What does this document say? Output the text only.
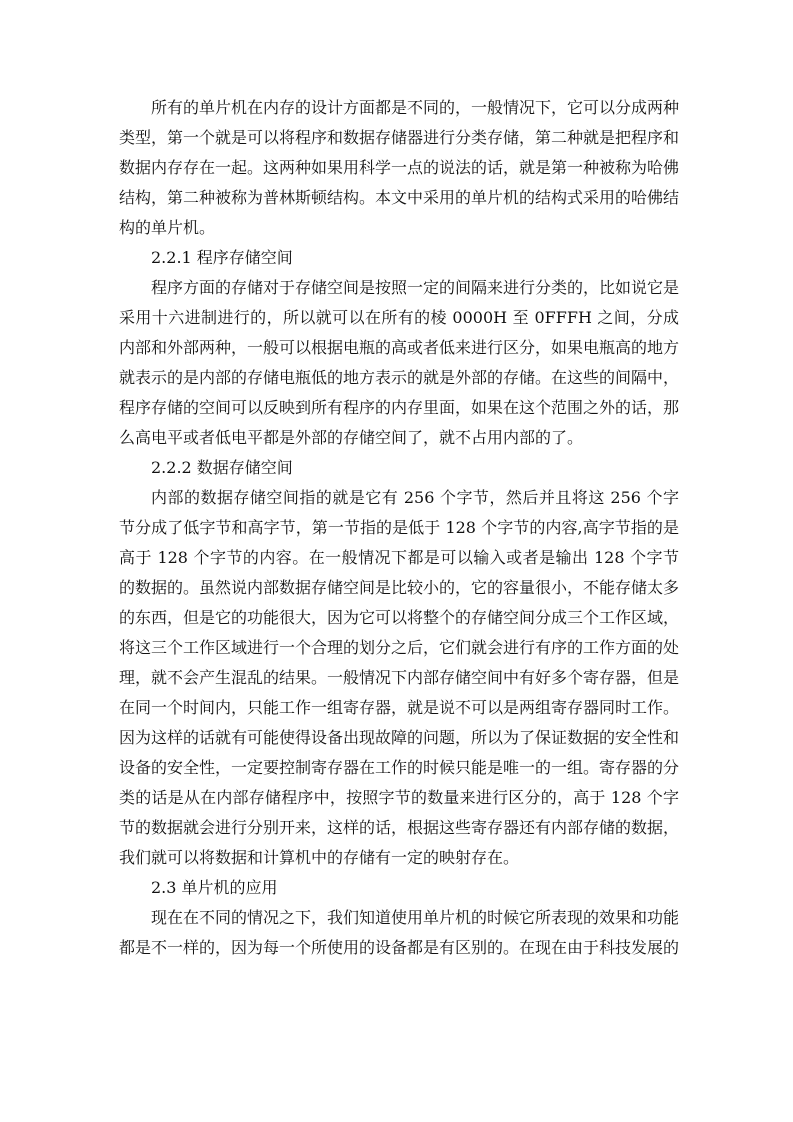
所有的单片机在内存的设计方面都是不同的，一般情况下，它可以分成两种类型，第一个就是可以将程序和数据存储器进行分类存储，第二种就是把程序和数据内存存在一起。这两种如果用科学一点的说法的话，就是第一种被称为哈佛结构，第二种被称为普林斯顿结构。本文中采用的单片机的结构式采用的哈佛结构的单片机。

2.2.1 程序存储空间

程序方面的存储对于存储空间是按照一定的间隔来进行分类的，比如说它是采用十六进制进行的，所以就可以在所有的棱 0000H 至 0FFFH 之间，分成内部和外部两种，一般可以根据电瓶的高或者低来进行区分，如果电瓶高的地方就表示的是内部的存储电瓶低的地方表示的就是外部的存储。在这些的间隔中，程序存储的空间可以反映到所有程序的内存里面，如果在这个范围之外的话，那么高电平或者低电平都是外部的存储空间了，就不占用内部的了。

2.2.2 数据存储空间

内部的数据存储空间指的就是它有 256 个字节，然后并且将这 256 个字节分成了低字节和高字节，第一节指的是低于 128 个字节的内容,高字节指的是高于 128 个字节的内容。在一般情况下都是可以输入或者是输出 128 个字节的数据的。虽然说内部数据存储空间是比较小的，它的容量很小，不能存储太多的东西，但是它的功能很大，因为它可以将整个的存储空间分成三个工作区域，将这三个工作区域进行一个合理的划分之后，它们就会进行有序的工作方面的处理，就不会产生混乱的结果。一般情况下内部存储空间中有好多个寄存器，但是在同一个时间内，只能工作一组寄存器，就是说不可以是两组寄存器同时工作。因为这样的话就有可能使得设备出现故障的问题，所以为了保证数据的安全性和设备的安全性，一定要控制寄存器在工作的时候只能是唯一的一组。寄存器的分类的话是从在内部存储程序中，按照字节的数量来进行区分的，高于 128 个字节的数据就会进行分别开来，这样的话，根据这些寄存器还有内部存储的数据，我们就可以将数据和计算机中的存储有一定的映射存在。

2.3 单片机的应用

现在在不同的情况之下，我们知道使用单片机的时候它所表现的效果和功能都是不一样的，因为每一个所使用的设备都是有区别的。在现在由于科技发展的
